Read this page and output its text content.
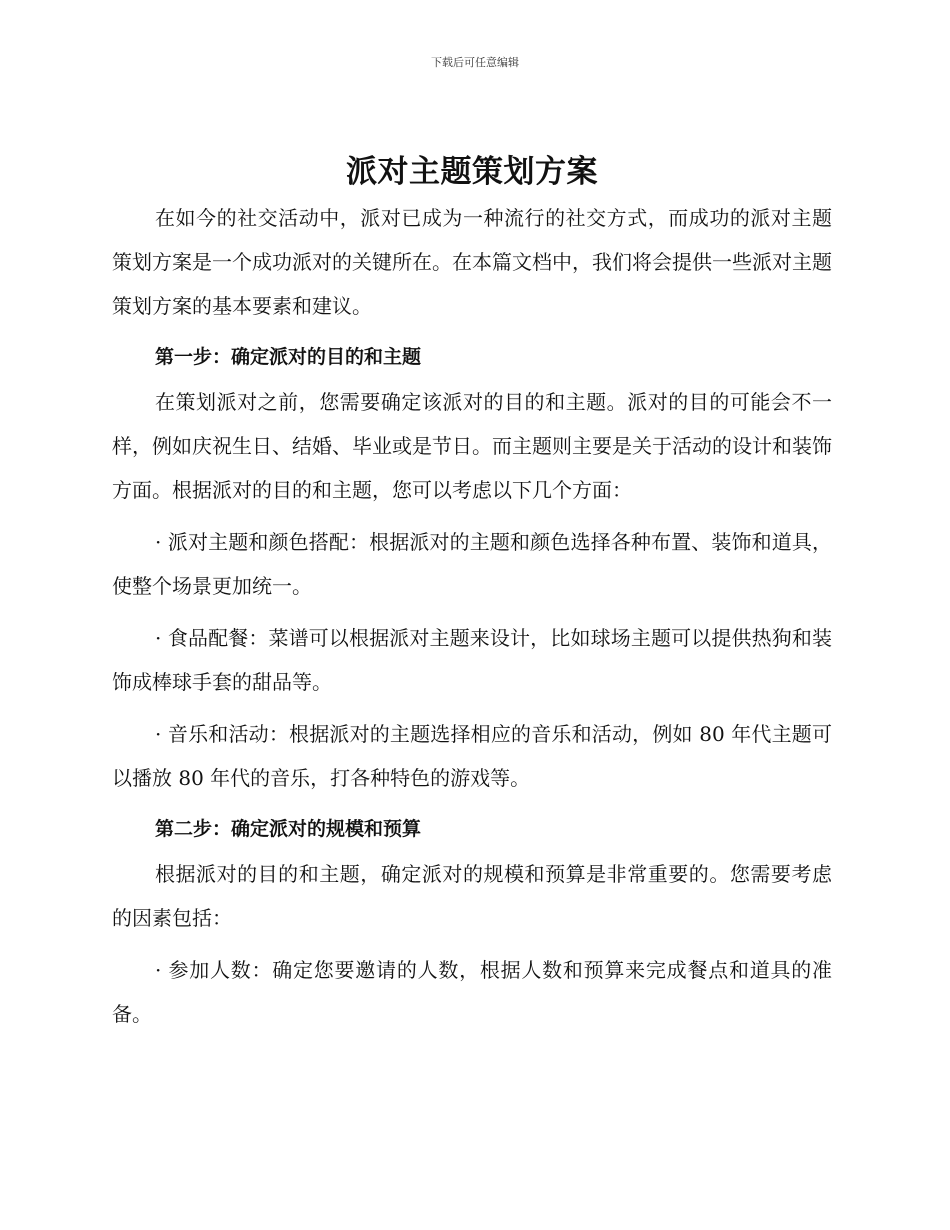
下载后可任意编辑
派对主题策划方案

在如今的社交活动中，派对已成为一种流行的社交方式，而成功的派对主题策划方案是一个成功派对的关键所在。在本篇文档中，我们将会提供一些派对主题策划方案的基本要素和建议。

第一步：确定派对的目的和主题

在策划派对之前，您需要确定该派对的目的和主题。派对的目的可能会不一样，例如庆祝生日、结婚、毕业或是节日。而主题则主要是关于活动的设计和装饰方面。根据派对的目的和主题，您可以考虑以下几个方面：

· 派对主题和颜色搭配：根据派对的主题和颜色选择各种布置、装饰和道具，使整个场景更加统一。

· 食品配餐：菜谱可以根据派对主题来设计，比如球场主题可以提供热狗和装饰成棒球手套的甜品等。

· 音乐和活动：根据派对的主题选择相应的音乐和活动，例如 80 年代主题可以播放 80 年代的音乐，打各种特色的游戏等。

第二步：确定派对的规模和预算

根据派对的目的和主题，确定派对的规模和预算是非常重要的。您需要考虑的因素包括：

· 参加人数：确定您要邀请的人数，根据人数和预算来完成餐点和道具的准备。
